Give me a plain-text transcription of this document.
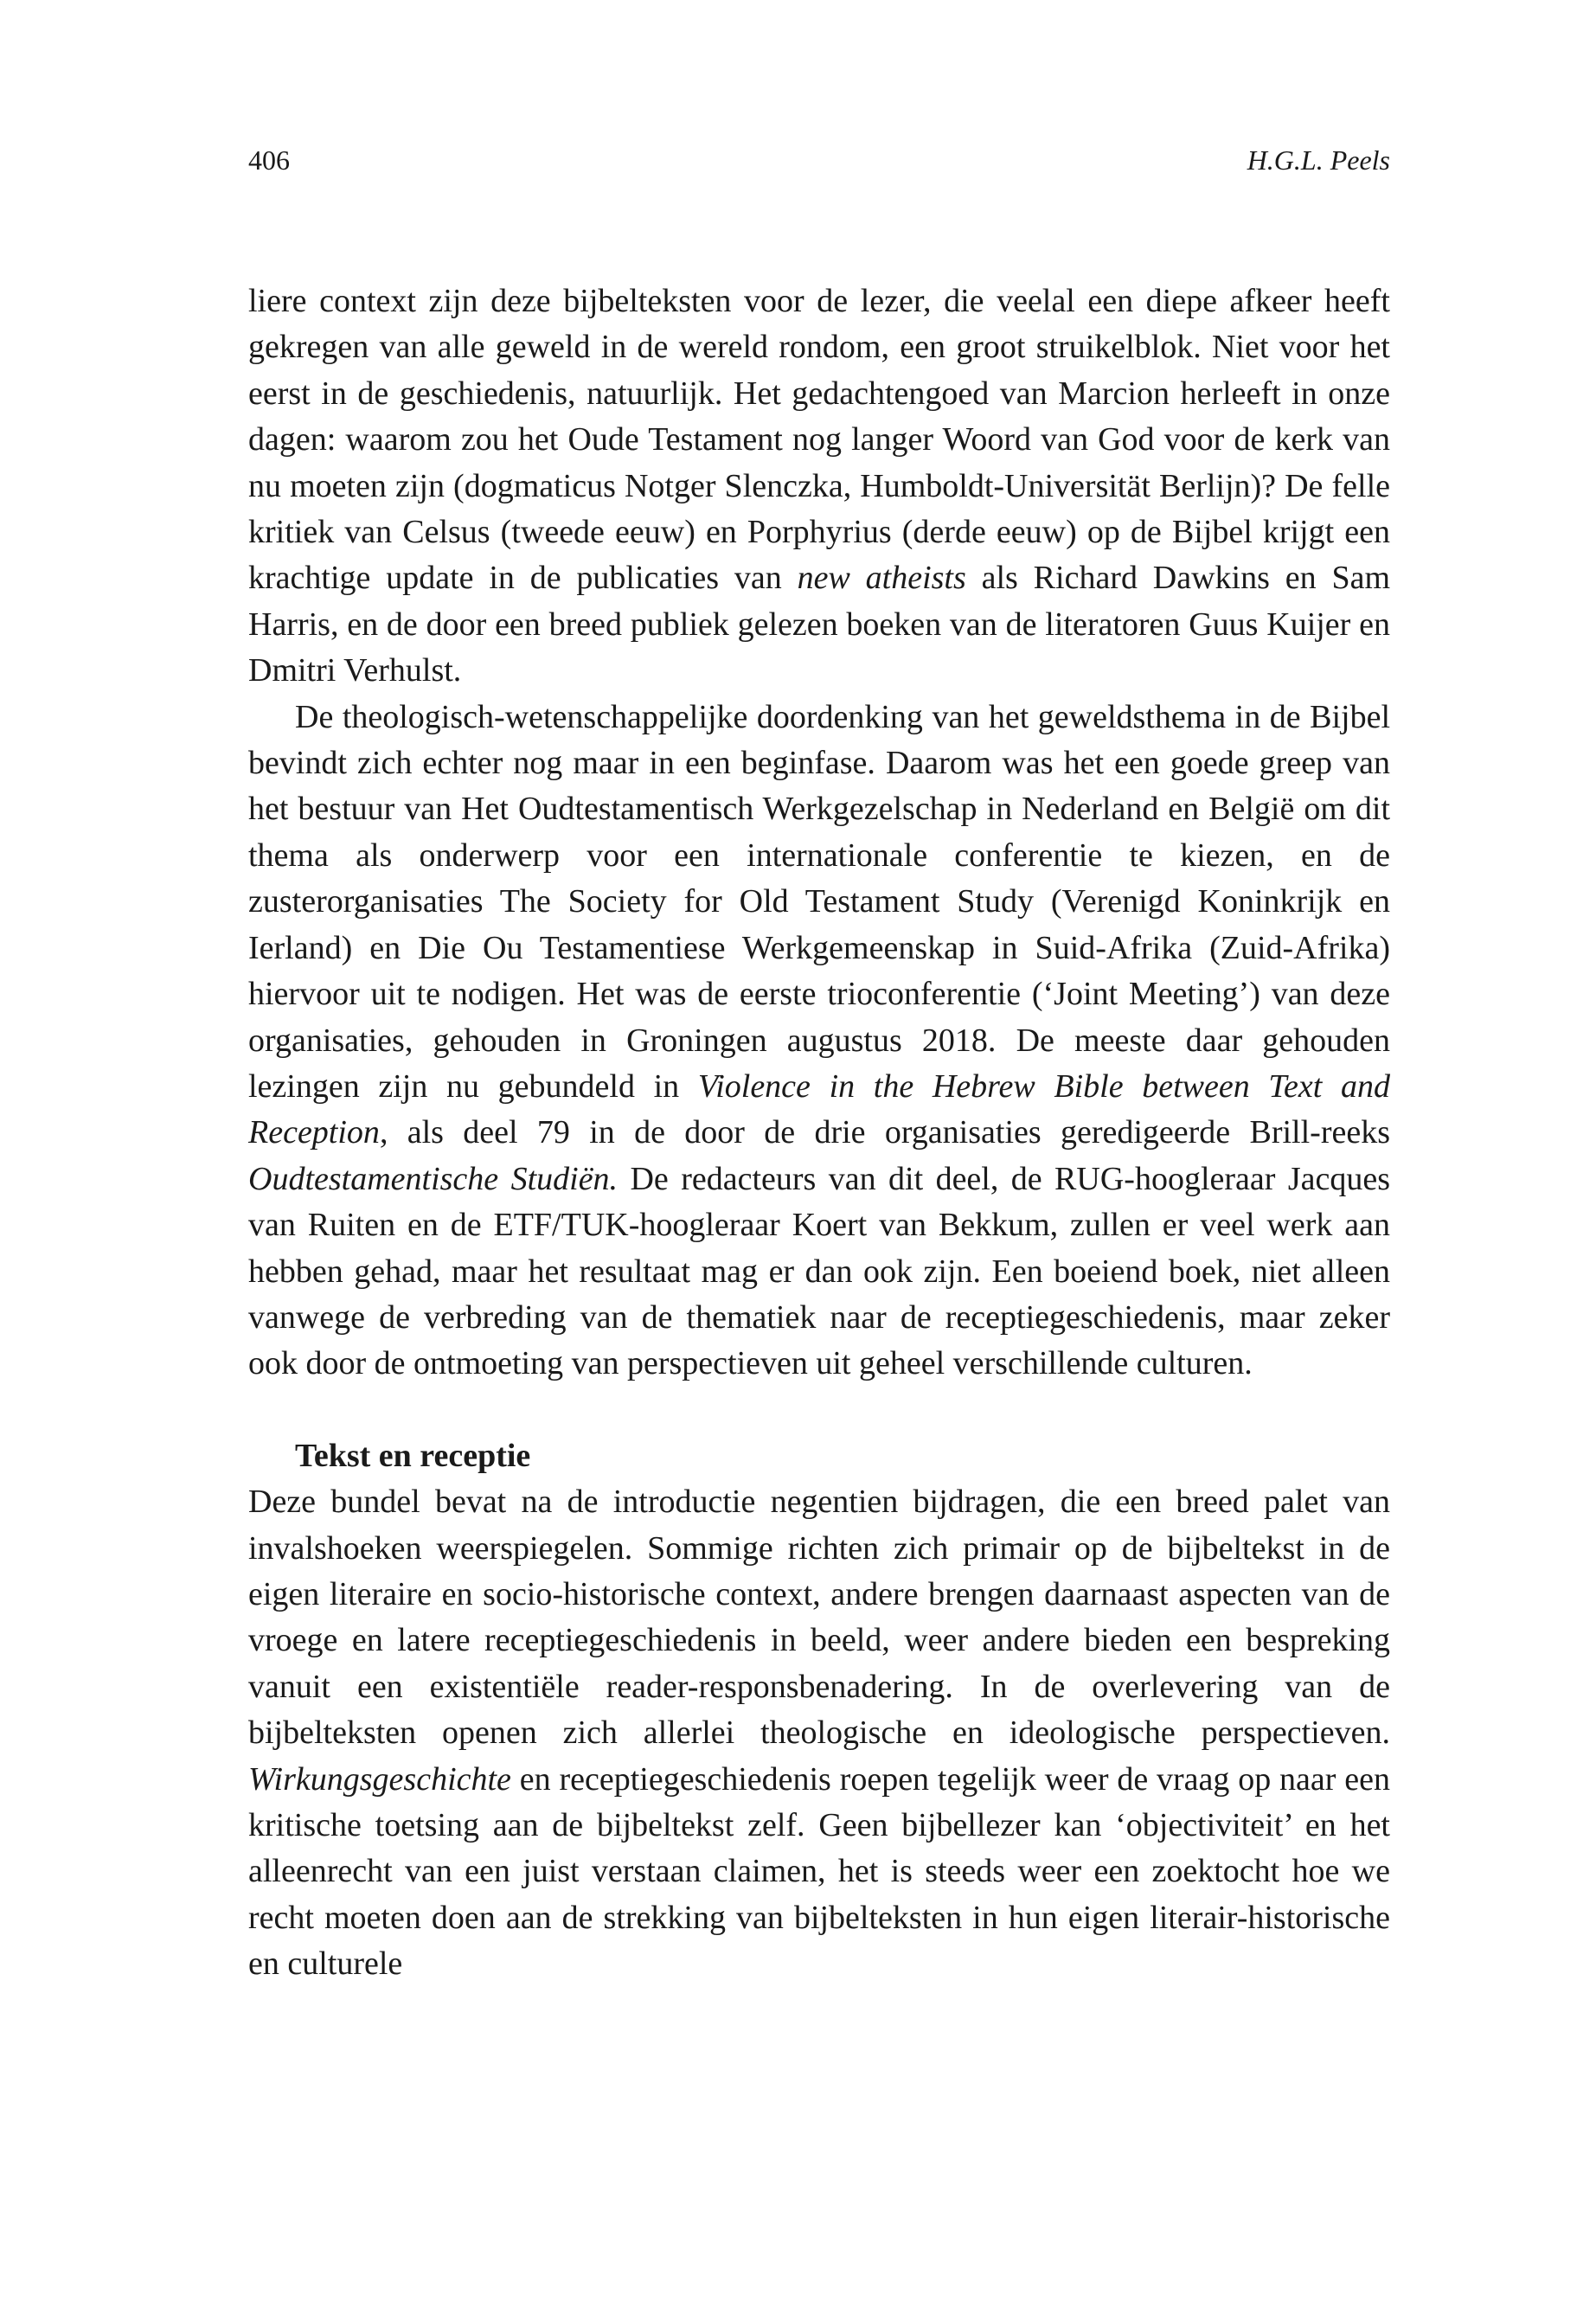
406	H.G.L. Peels

liere context zijn deze bijbelteksten voor de lezer, die veelal een diepe afkeer heeft gekregen van alle geweld in de wereld rondom, een groot struikelblok. Niet voor het eerst in de geschiedenis, natuurlijk. Het gedachtengoed van Marcion herleeft in onze dagen: waarom zou het Oude Testament nog langer Woord van God voor de kerk van nu moeten zijn (dogmaticus Notger Slenczka, Humboldt-Universität Berlijn)? De felle kritiek van Celsus (tweede eeuw) en Porphyrius (derde eeuw) op de Bijbel krijgt een krachtige update in de publicaties van new atheists als Richard Dawkins en Sam Harris, en de door een breed publiek gelezen boeken van de literatoren Guus Kuijer en Dmitri Verhulst.

De theologisch-wetenschappelijke doordenking van het geweldsthema in de Bijbel bevindt zich echter nog maar in een beginfase. Daarom was het een goede greep van het bestuur van Het Oudtestamentisch Werkgezelschap in Nederland en België om dit thema als onderwerp voor een internationale conferentie te kiezen, en de zusterorganisaties The Society for Old Testament Study (Verenigd Koninkrijk en Ierland) en Die Ou Testamentiese Werkgemeenskap in Suid-Afrika (Zuid-Afrika) hiervoor uit te nodigen. Het was de eerste trioconferentie (‘Joint Meeting’) van deze organisaties, gehouden in Groningen augustus 2018. De meeste daar gehouden lezingen zijn nu gebundeld in Violence in the Hebrew Bible between Text and Reception, als deel 79 in de door de drie organisaties geredigeerde Brill-reeks Oudtestamentische Studiën. De redacteurs van dit deel, de RUG-hoogleraar Jacques van Ruiten en de ETF/TUK-hoogleraar Koert van Bekkum, zullen er veel werk aan hebben gehad, maar het resultaat mag er dan ook zijn. Een boeiend boek, niet alleen vanwege de verbreding van de thematiek naar de receptiegeschiedenis, maar zeker ook door de ontmoeting van perspectieven uit geheel verschillende culturen.

Tekst en receptie

Deze bundel bevat na de introductie negentien bijdragen, die een breed palet van invalshoeken weerspiegelen. Sommige richten zich primair op de bijbeltekst in de eigen literaire en socio-historische context, andere brengen daarnaast aspecten van de vroege en latere receptiegeschiedenis in beeld, weer andere bieden een bespreking vanuit een existentiële reader-responsbenadering. In de overlevering van de bijbelteksten openen zich allerlei theologische en ideologische perspectieven. Wirkungsgeschichte en receptiegeschiedenis roepen tegelijk weer de vraag op naar een kritische toetsing aan de bijbeltekst zelf. Geen bijbellezer kan ‘objectiviteit’ en het alleenrecht van een juist verstaan claimen, het is steeds weer een zoektocht hoe we recht moeten doen aan de strekking van bijbelteksten in hun eigen literair-historische en culturele
